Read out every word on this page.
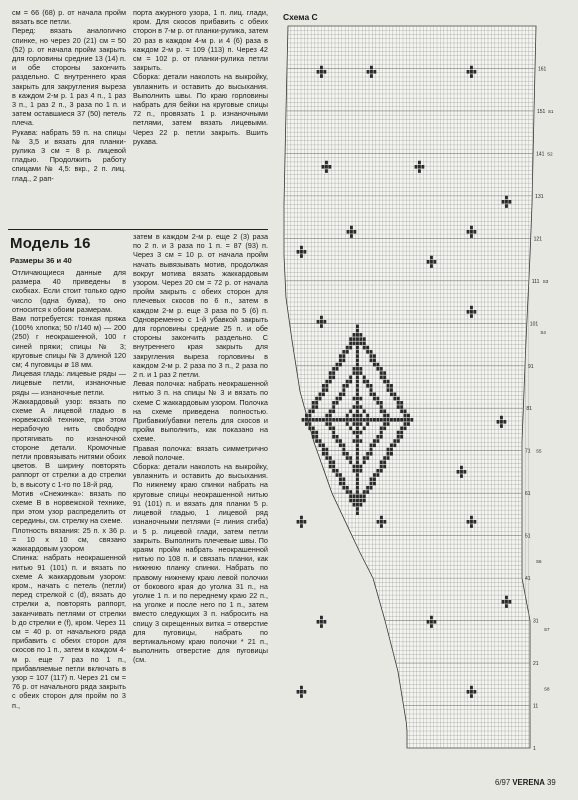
см = 66 (68) р. от начала пройм вязать все петли.
Перед: вязать аналогично спинке, но через 20 (21) см = 50 (52) р. от начала пройм закрыть для горловины средние 13 (14) п. и обе стороны закончить раздельно. С внутреннего края закрыть для закругления выреза в каждом 2-м р. 1 раз 4 п., 1 раз 3 п., 1 раз 2 п., 3 раза по 1 п. и затем оставшиеся 37 (50) петель плеча.
Рукава: набрать 59 п. на спицы № 3,5 и вязать для планки-рулика 3 см = 8 р. лицевой гладью. Продолжить работу спицами № 4,5: вкр., 2 п. лиц. глад., 2 рап-
порта ажурного узора, 1 п. лиц. глади, кром. Для скосов прибавить с обеих сторон в 7-м р. от планки-рулика, затем 20 раз в каждом 4-м р. и 4 (6) раза в каждом 2-м р. = 109 (113) п. Через 42 см = 102 р. от планки-рулика петли закрыть.
Сборка: детали наколоть на выкройку, увлажнить и оставить до высыхания. Выполнить швы. По краю горловины набрать для бейки на круговые спицы 72 п., провязать 1 р. изнаночными петлями, затем вязать лицевыми. Через 22 р. петли закрыть. Вшить рукава.
Модель 16
Размеры 36 и 40
Отличающиеся данные для размера 40 приведены в скобках. Если стоит только одно число (одна буква), то оно относится к обоим размерам.
Вам потребуется: тонкая пряжа (100% хлопка; 50 г/140 м) — 200 (250) г неокрашенной, 100 г синей пряжи; спицы № 3; круговые спицы № 3 длиной 120 см; 4 пуговицы ø 18 мм.
Лицевая гладь: лицевые ряды — лицевые петли, изнаночные ряды — изнаночные петли.
Жаккардовый узор: вязать по схеме А лицевой гладью в норвежской технике, при этом нерабочую нить свободно протягивать по изнаночной стороне детали. Кромочные петли провязывать нитями обоих цветов. В ширину повторять раппорт от стрелки а до стрелки b, в высоту с 1-го по 18-й ряд.
Мотив «Снежинка»: вязать по схеме В в норвежской технике, при этом узор распределить от середины, см. стрелку на схеме.
Плотность вязания: 25 п. x 36 р. = 10 x 10 см, связано жаккардовым узором
Спинка: набрать неокрашенной нитью 91 (101) п. и вязать по схеме А жаккардовым узором: кром., начать с петель (петли) перед стрелкой с (d), вязать до стрелки а, повторять раппорт, заканчивать петлями от стрелки b до стрелки е (f), кром. Через 11 см = 40 р. от начального ряда прибавить с обеих сторон для скосов по 1 п., затем в каждом 4-м р. еще 7 раз по 1 п., прибавляемые петли включать в узор = 107 (117) п. Через 21 см = 76 р. от начального ряда закрыть с обеих сторон для пройм по 3 п.,
затем в каждом 2-м р. еще 2 (3) раза по 2 п. и 3 раза по 1 п. = 87 (93) п. Через 3 см = 10 р. от начала пройм начать вывязывать мотив, продолжая вокруг мотива вязать жаккардовым узором. Через 20 см = 72 р. от начала пройм закрыть с обеих сторон для плечевых скосов по 6 п., затем в каждом 2-м р. еще 3 раза по 5 (6) п. Одновременно с 1-й убавкой закрыть для горловины средние 25 п. и обе стороны закончить раздельно. С внутреннего края закрыть для закругления выреза горловины в каждом 2-м р. 2 раза по 3 п., 2 раза по 2 п. и 1 раз 2 петли.
Левая полочка: набрать неокрашенной нитью 3 п. на спицы № 3 и вязать по схеме С жаккардовым узором. Полочка на схеме приведена полностью. Прибавки/убавки петель для скосов и пройм выполнить, как показано на схеме.
Правая полочка: вязать симметрично левой полочке.
Сборка: детали наколоть на выкройку, увлажнить и оставить до высыхания. По нижнему краю спинки набрать на круговые спицы неокрашенной нитью 91 (101) п. и вязать для планки 5 р. лицевой гладью, 1 лицевой ряд изнаночными петлями (= линия сгиба) и 5 р. лицевой глади, затем петли закрыть. Выполнить плечевые швы. По краям пройм набрать неокрашенной нитью по 108 п. и связать планки, как нижнюю планку спинки. Набрать по правому нижнему краю левой полочки от бокового края до уголка 31 п., на уголке 1 п. и по переднему краю 22 п., на уголке и после него по 1 п., затем вместо следующих 3 п. набросить на спицу 3 скрещенных витка = отверстие для пуговицы, набрать по вертикальному краю полочки * 21 п., выполнить отверстие для пуговицы (см.
Схема С
161
151
141
131
121
111
101
91
81
71
61
51
41
31
21
11
1
S1
S2
S3
S4
S5
S6
S7
S8
6/97 VERENA 39
